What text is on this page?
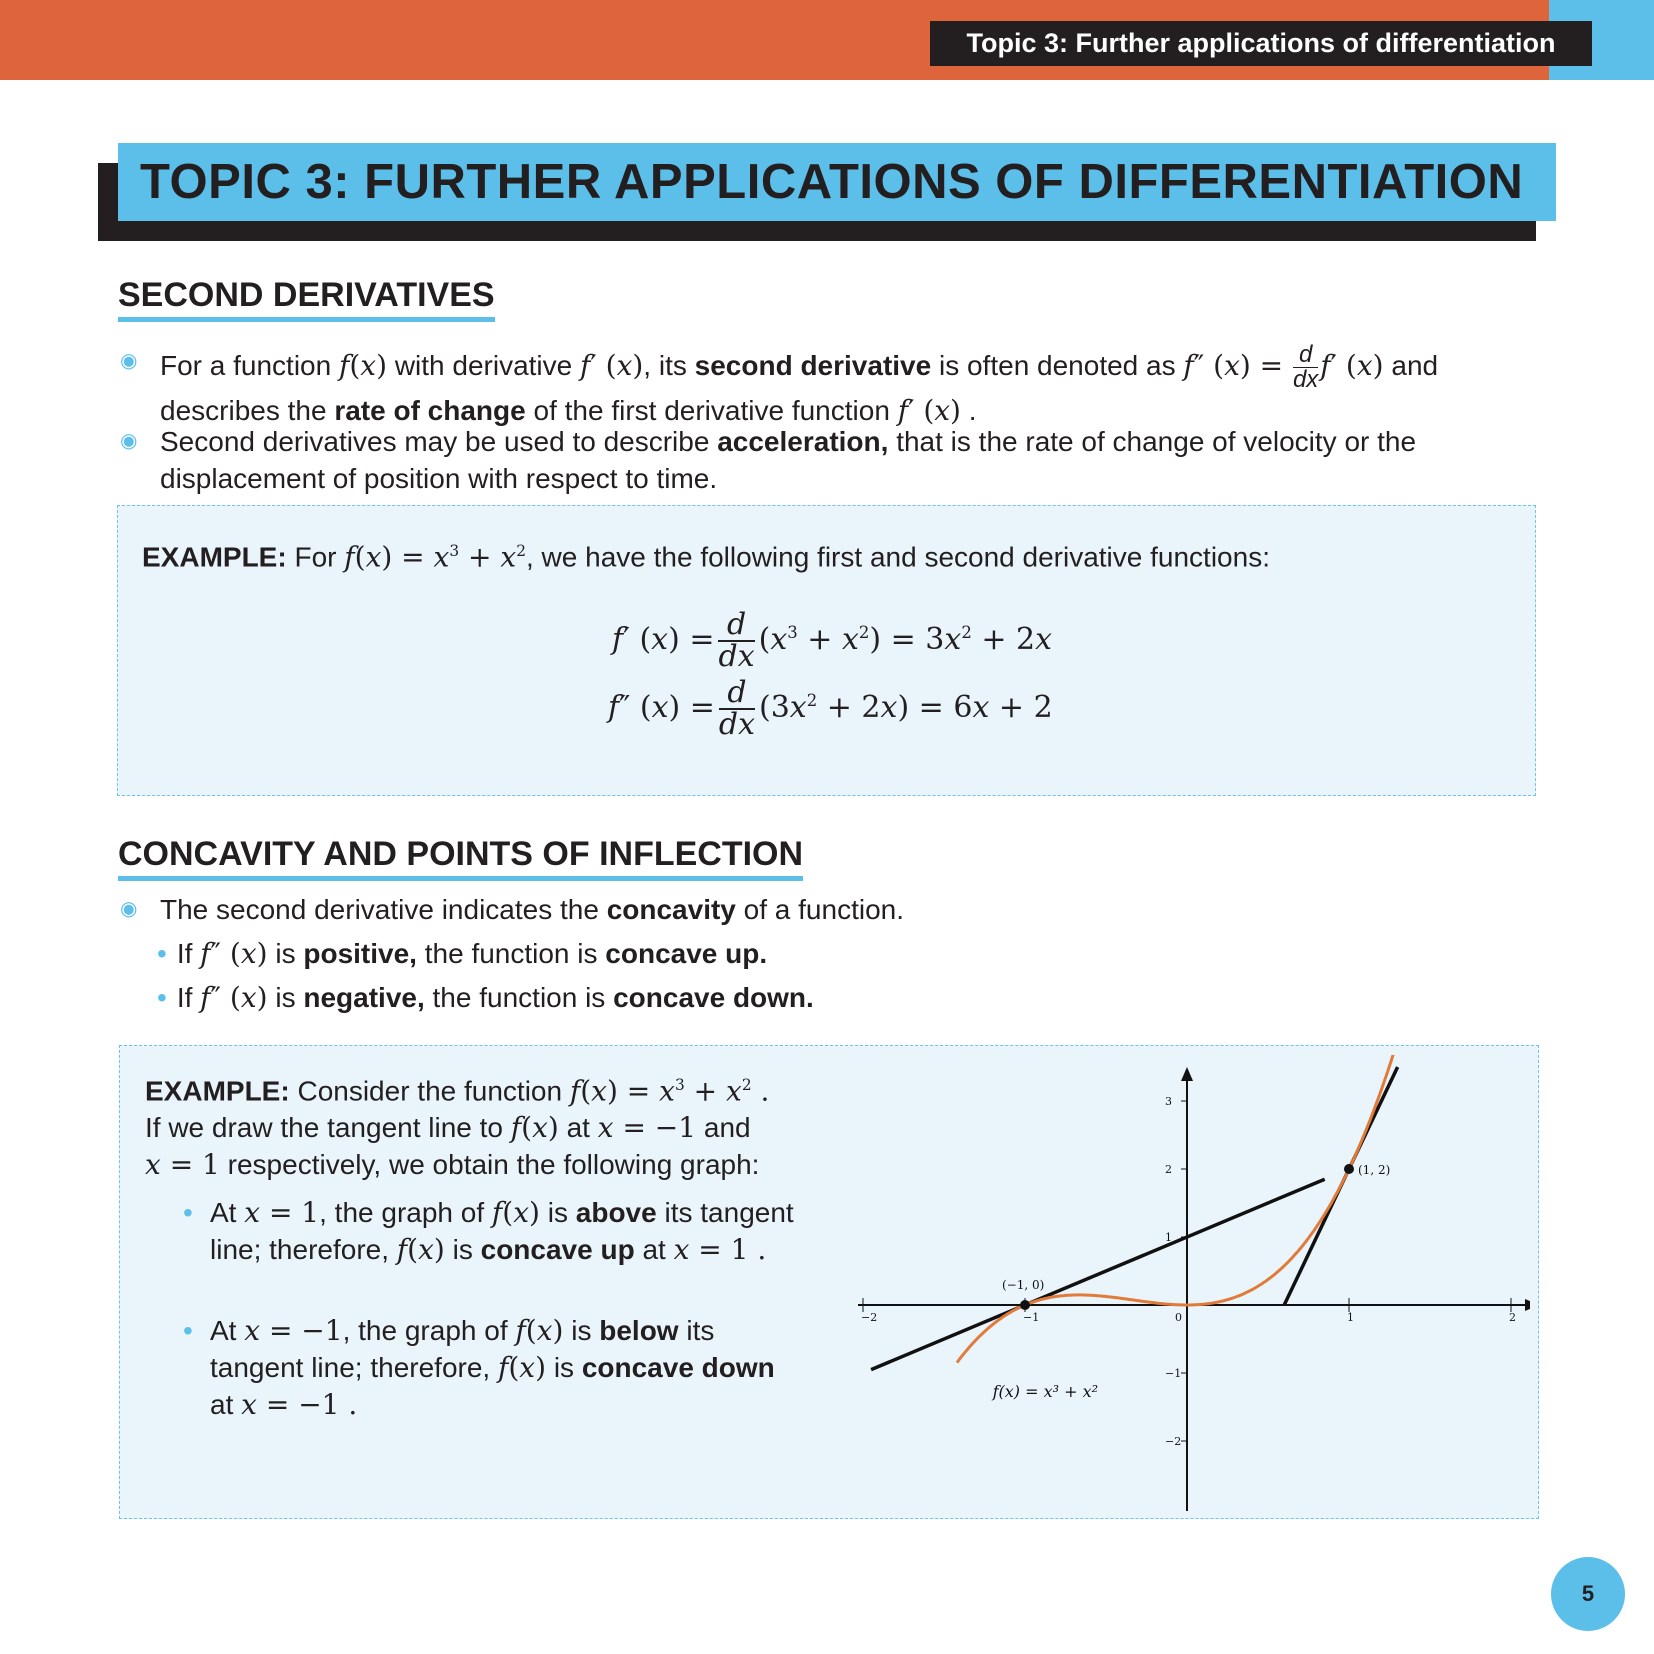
Topic 3: Further applications of differentiation
TOPIC 3: FURTHER APPLICATIONS OF DIFFERENTIATION
SECOND DERIVATIVES
◉ For a function f(x) with derivative f′ (x), its second derivative is often denoted as f″ $(x) = \frac{d}{dx} f'$ (x) and describes the rate of change of the first derivative function f′ (x) .
◉ Second derivatives may be used to describe acceleration, that is the rate of change of velocity or the displacement of position with respect to time.
EXAMPLE: For $f(x) = x^3 + x^2$, we have the following first and second derivative functions:
f′ $(x) = \frac{d}{dx} (x^3 + x^2) = 3x^2 + 2x$
f″ $(x) = \frac{d}{dx} (3x^2 + 2x) = 6x + 2$
CONCAVITY AND POINTS OF INFLECTION
◉ The second derivative indicates the concavity of a function.
• If f″ (x) is positive, the function is concave up.
• If f″ (x) is negative, the function is concave down.
EXAMPLE: Consider the function $f(x) = x^3 + x^2$ .
If we draw the tangent line to f(x) at x = −1 and
x = 1 respectively, we obtain the following graph:
• At x = 1, the graph of f(x) is above its tangent line; therefore, f(x) is concave up at x = 1 .
• At x = −1, the graph of f(x) is below its tangent line; therefore, f(x) is concave down at x = −1 .
−2	−1	0	1	2
3
2
1
−1
−2
(−1, 0)
(1, 2)
f(x) = x³ + x²
5
